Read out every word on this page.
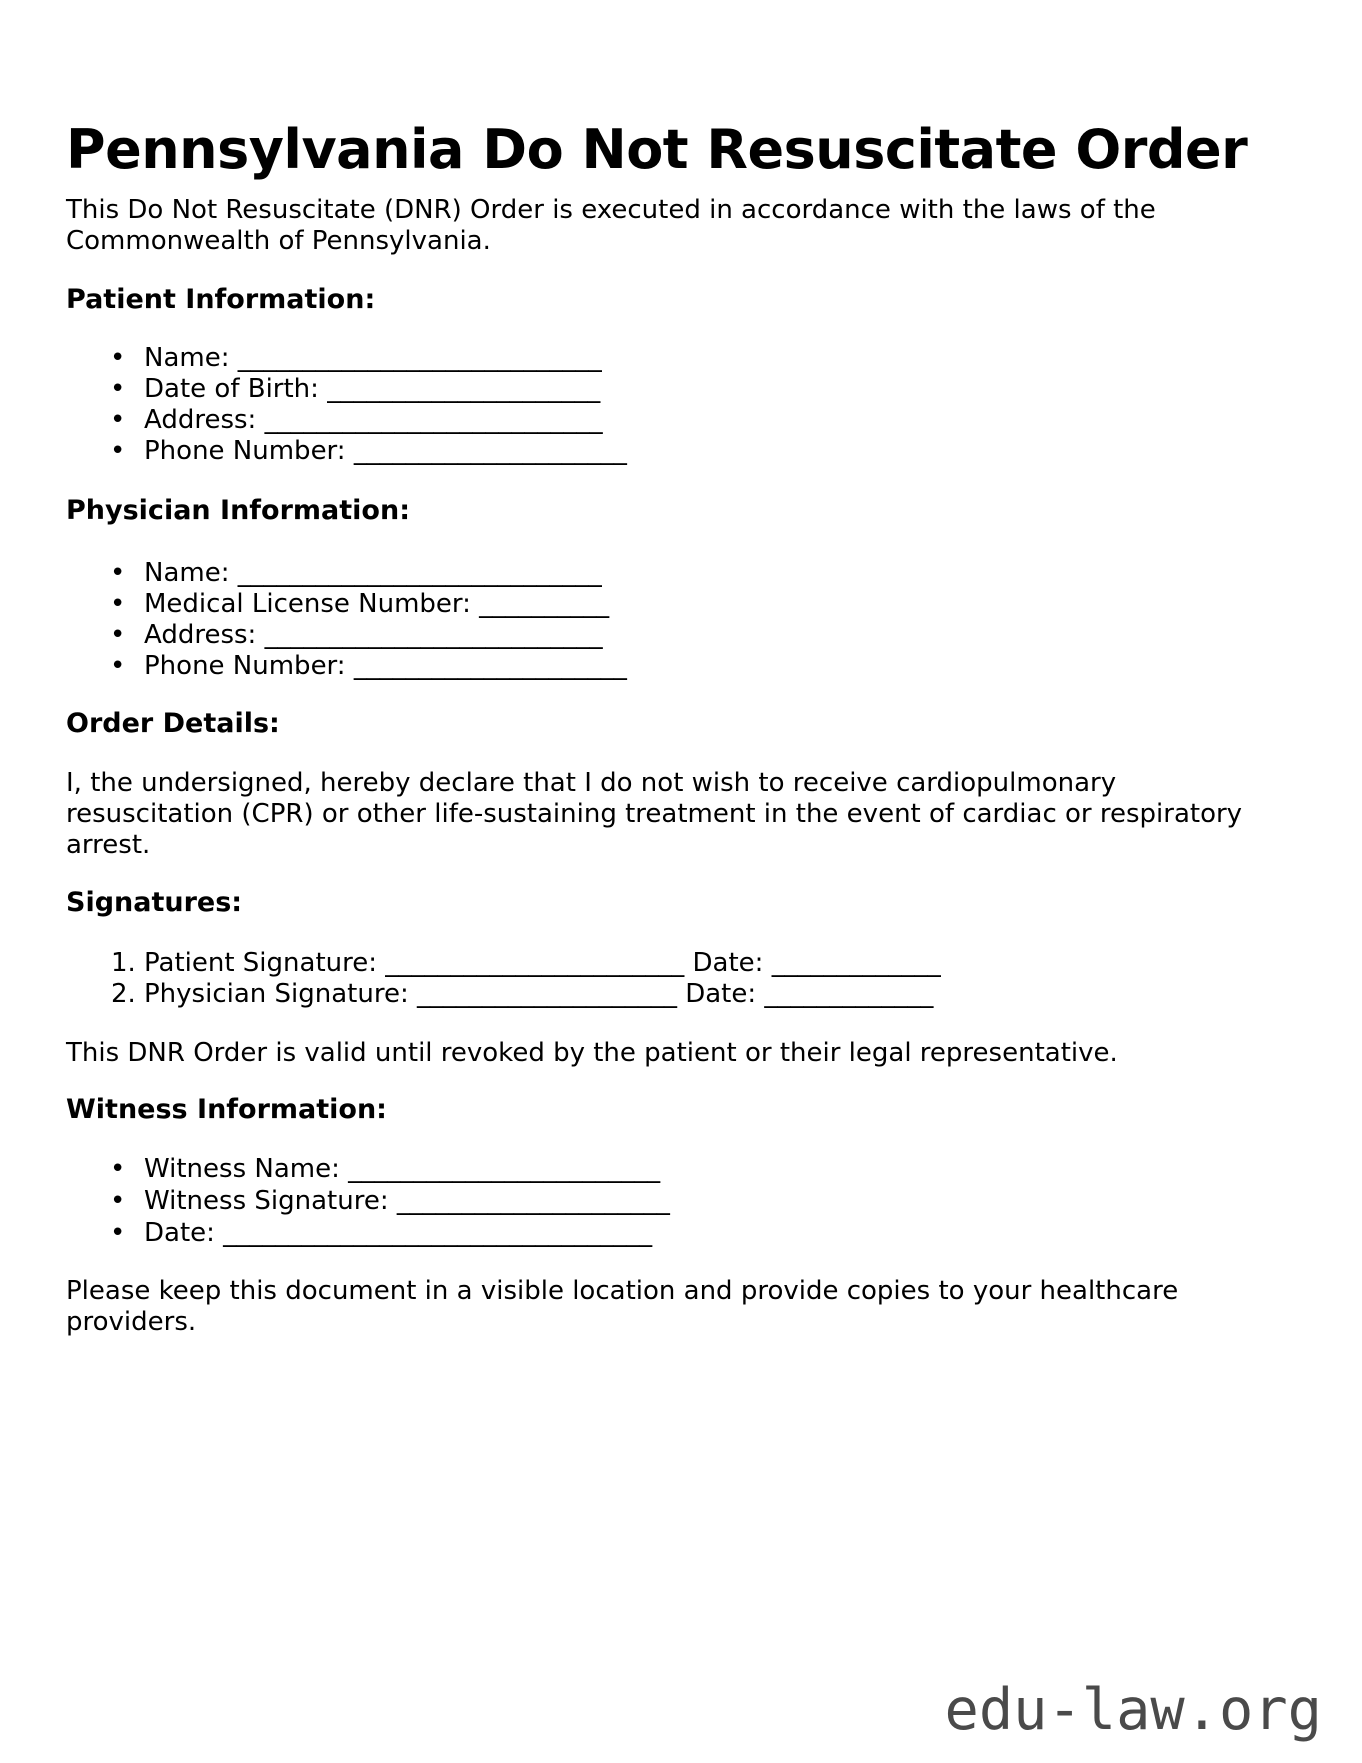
Pennsylvania Do Not Resuscitate Order
This Do Not Resuscitate (DNR) Order is executed in accordance with the laws of the
Commonwealth of Pennsylvania.
Patient Information:
• Name: ____________________________
• Date of Birth: _____________________
• Address: __________________________
• Phone Number: _____________________
Physician Information:
• Name: ____________________________
• Medical License Number: __________
• Address: __________________________
• Phone Number: _____________________
Order Details:
I, the undersigned, hereby declare that I do not wish to receive cardiopulmonary
resuscitation (CPR) or other life-sustaining treatment in the event of cardiac or respiratory
arrest.
Signatures:
1. Patient Signature: _______________________ Date: _____________
2. Physician Signature: ____________________ Date: _____________
This DNR Order is valid until revoked by the patient or their legal representative.
Witness Information:
• Witness Name: ________________________
• Witness Signature: _____________________
• Date: _________________________________
Please keep this document in a visible location and provide copies to your healthcare
providers.
edu-law.org
